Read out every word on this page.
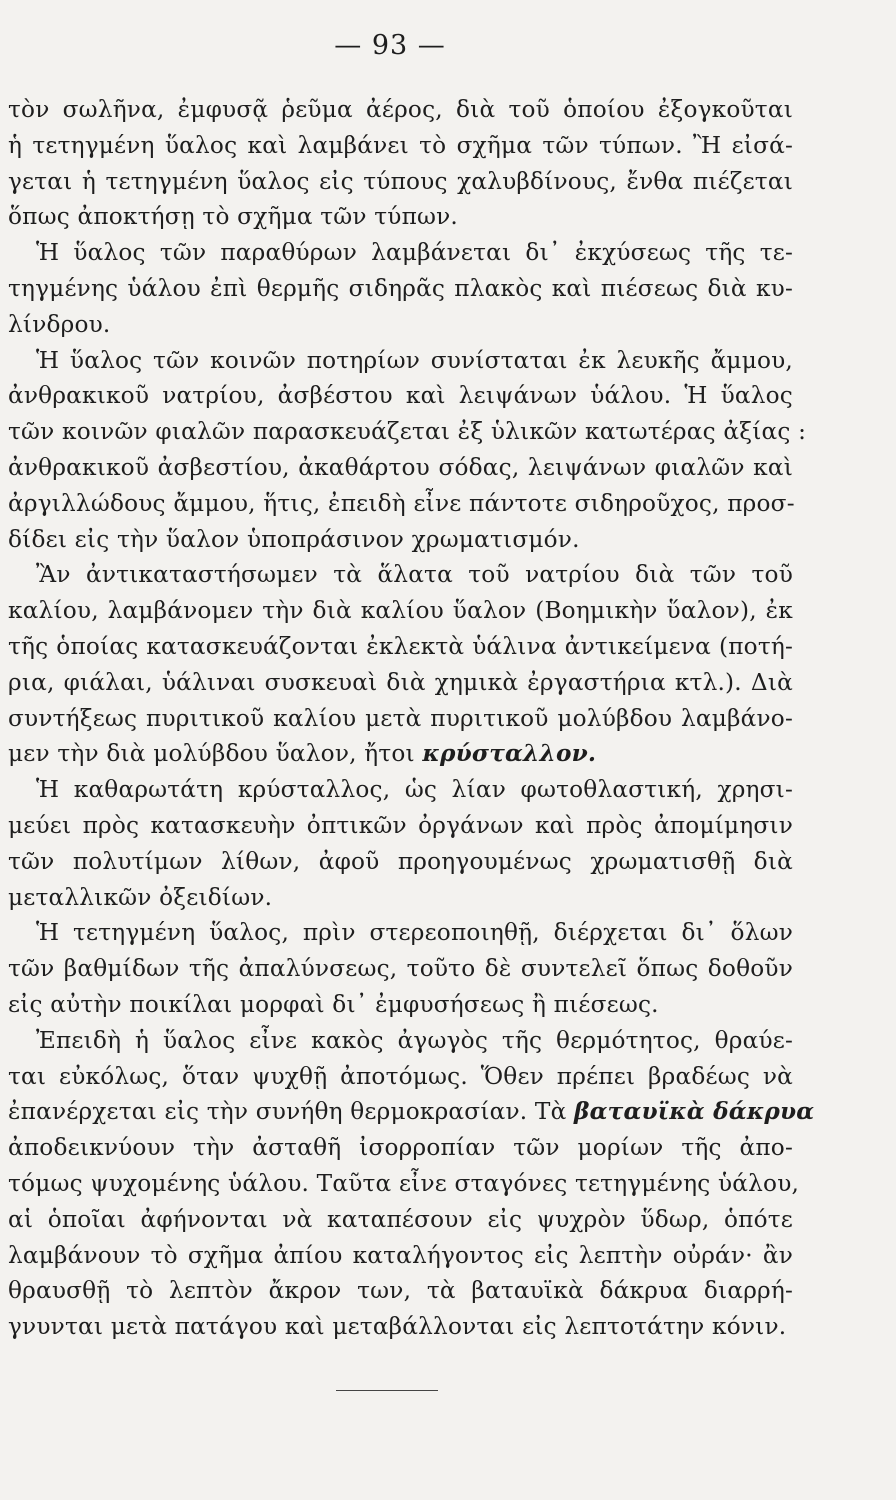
— 93 —
τὸν σωλῆνα, ἐμφυσᾷ ῥεῦμα ἀέρος, διὰ τοῦ ὁποίου ἐξογκοῦται
ἡ τετηγμένη ὕαλος καὶ λαμβάνει τὸ σχῆμα τῶν τύπων. Ἢ εἰσά-
γεται ἡ τετηγμένη ὕαλος εἰς τύπους χαλυβδίνους, ἔνθα πιέζεται
ὅπως ἀποκτήσῃ τὸ σχῆμα τῶν τύπων.
Ἡ ὕαλος τῶν παραθύρων λαμβάνεται δι᾽ ἐκχύσεως τῆς τε-
τηγμένης ὑάλου ἐπὶ θερμῆς σιδηρᾶς πλακὸς καὶ πιέσεως διὰ κυ-
λίνδρου.
Ἡ ὕαλος τῶν κοινῶν ποτηρίων συνίσταται ἐκ λευκῆς ἄμμου,
ἀνθρακικοῦ νατρίου, ἀσβέστου καὶ λειψάνων ὑάλου. Ἡ ὕαλος
τῶν κοινῶν φιαλῶν παρασκευάζεται ἐξ ὑλικῶν κατωτέρας ἀξίας :
ἀνθρακικοῦ ἀσβεστίου, ἀκαθάρτου σόδας, λειψάνων φιαλῶν καὶ
ἀργιλλώδους ἄμμου, ἥτις, ἐπειδὴ εἶνε πάντοτε σιδηροῦχος, προσ-
δίδει εἰς τὴν ὕαλον ὑποπράσινον χρωματισμόν.
Ἂν ἀντικαταστήσωμεν τὰ ἅλατα τοῦ νατρίου διὰ τῶν τοῦ
καλίου, λαμβάνομεν τὴν διὰ καλίου ὕαλον (Βοημικὴν ὕαλον), ἐκ
τῆς ὁποίας κατασκευάζονται ἐκλεκτὰ ὑάλινα ἀντικείμενα (ποτή-
ρια, φιάλαι, ὑάλιναι συσκευαὶ διὰ χημικὰ ἐργαστήρια κτλ.). Διὰ
συντήξεως πυριτικοῦ καλίου μετὰ πυριτικοῦ μολύβδου λαμβάνο-
μεν τὴν διὰ μολύβδου ὕαλον, ἤτοι κρύσταλλον.
Ἡ καθαρωτάτη κρύσταλλος, ὡς λίαν φωτοθλαστική, χρησι-
μεύει πρὸς κατασκευὴν ὀπτικῶν ὀργάνων καὶ πρὸς ἀπομίμησιν
τῶν πολυτίμων λίθων, ἀφοῦ προηγουμένως χρωματισθῇ διὰ
μεταλλικῶν ὀξειδίων.
Ἡ τετηγμένη ὕαλος, πρὶν στερεοποιηθῇ, διέρχεται δι᾽ ὅλων
τῶν βαθμίδων τῆς ἀπαλύνσεως, τοῦτο δὲ συντελεῖ ὅπως δοθοῦν
εἰς αὐτὴν ποικίλαι μορφαὶ δι᾽ ἐμφυσήσεως ἢ πιέσεως.
Ἐπειδὴ ἡ ὕαλος εἶνε κακὸς ἀγωγὸς τῆς θερμότητος, θραύε-
ται εὐκόλως, ὅταν ψυχθῇ ἀποτόμως. Ὅθεν πρέπει βραδέως νὰ
ἐπανέρχεται εἰς τὴν συνήθη θερμοκρασίαν. Τὰ βαταυϊκὰ δάκρυα
ἀποδεικνύουν τὴν ἀσταθῆ ἰσορροπίαν τῶν μορίων τῆς ἀπο-
τόμως ψυχομένης ὑάλου. Ταῦτα εἶνε σταγόνες τετηγμένης ὑάλου,
αἱ ὁποῖαι ἀφήνονται νὰ καταπέσουν εἰς ψυχρὸν ὕδωρ, ὁπότε
λαμβάνουν τὸ σχῆμα ἀπίου καταλήγοντος εἰς λεπτὴν οὐράν· ἂν
θραυσθῇ τὸ λεπτὸν ἄκρον των, τὰ βαταυϊκὰ δάκρυα διαρρή-
γνυνται μετὰ πατάγου καὶ μεταβάλλονται εἰς λεπτοτάτην κόνιν.
